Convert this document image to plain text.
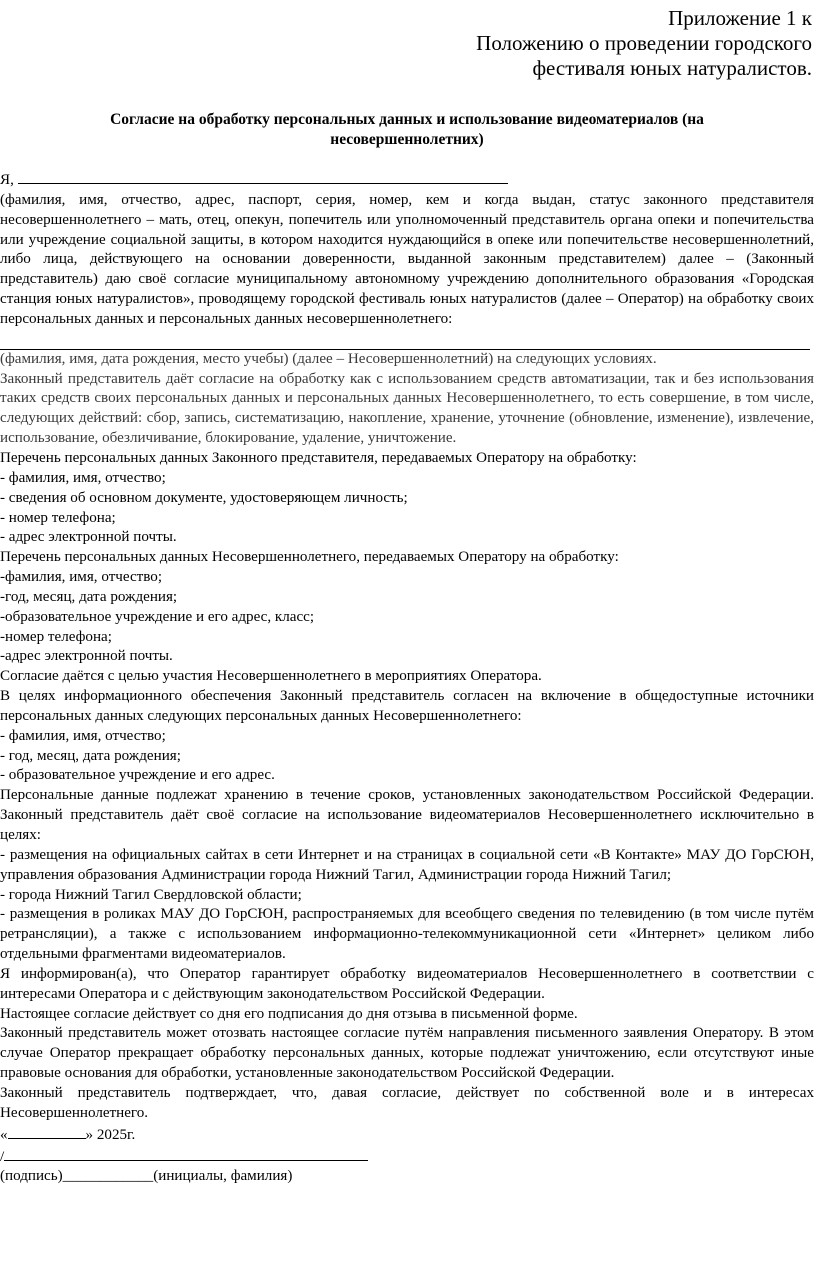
Приложение 1 к
Положению о проведении городского
фестиваля юных натуралистов.
Согласие на обработку персональных данных и использование видеоматериалов (на несовершеннолетних)

Я,

(фамилия, имя, отчество, адрес, паспорт, серия, номер, кем и когда выдан, статус законного представителя несовершеннолетнего – мать, отец, опекун, попечитель или уполномоченный представитель органа опеки и попечительства или учреждение социальной защиты, в котором находится нуждающийся в опеке или попечительстве несовершеннолетний, либо лица, действующего на основании доверенности, выданной законным представителем) далее – (Законный представитель) даю своё согласие муниципальному автономному учреждению дополнительного образования «Городская станция юных натуралистов», проводящему городской фестиваль юных натуралистов (далее – Оператор) на обработку своих персональных данных и персональных данных несовершеннолетнего:

(фамилия, имя, дата рождения, место учебы) (далее – Несовершеннолетний) на следующих условиях.

Законный представитель даёт согласие на обработку как с использованием средств автоматизации, так и без использования таких средств своих персональных данных и персональных данных Несовершеннолетнего, то есть совершение, в том числе, следующих действий: сбор, запись, систематизацию, накопление, хранение, уточнение (обновление, изменение), извлечение, использование, обезличивание, блокирование, удаление, уничтожение.

Перечень персональных данных Законного представителя, передаваемых Оператору на обработку:

- фамилия, имя, отчество;

- сведения об основном документе, удостоверяющем личность;

- номер телефона;

- адрес электронной почты.

Перечень персональных данных Несовершеннолетнего, передаваемых Оператору на обработку:

-фамилия, имя, отчество;

-год, месяц, дата рождения;

-образовательное учреждение и его адрес, класс;

-номер телефона;

-адрес электронной почты.

Согласие даётся с целью участия Несовершеннолетнего в мероприятиях Оператора.

В целях информационного обеспечения Законный представитель согласен на включение в общедоступные источники персональных данных следующих персональных данных Несовершеннолетнего:

- фамилия, имя, отчество;

- год, месяц, дата рождения;

- образовательное учреждение и его адрес.

Персональные данные подлежат хранению в течение сроков, установленных законодательством Российской Федерации. Законный представитель даёт своё согласие на использование видеоматериалов Несовершеннолетнего исключительно в целях:

- размещения на официальных сайтах в сети Интернет и на страницах в социальной сети «В Контакте» МАУ ДО ГорСЮН, управления образования Администрации города Нижний Тагил, Администрации города Нижний Тагил;

- города Нижний Тагил Свердловской области;

- размещения в роликах МАУ ДО ГорСЮН, распространяемых для всеобщего сведения по телевидению (в том числе путём ретрансляции), а также с использованием информационно-телекоммуникационной сети «Интернет» целиком либо отдельными фрагментами видеоматериалов.

Я информирован(а), что Оператор гарантирует обработку видеоматериалов Несовершеннолетнего в соответствии с интересами Оператора и с действующим законодательством Российской Федерации.

Настоящее согласие действует со дня его подписания до дня отзыва в письменной форме.

Законный представитель может отозвать настоящее согласие путём направления письменного заявления Оператору. В этом случае Оператор прекращает обработку персональных данных, которые подлежат уничтожению, если отсутствуют иные правовые основания для обработки, установленные законодательством Российской Федерации.

Законный представитель подтверждает, что, давая согласие, действует по собственной воле и в интересах Несовершеннолетнего.

«	» 2025г.

/

(подпись)____________(инициалы, фамилия)
